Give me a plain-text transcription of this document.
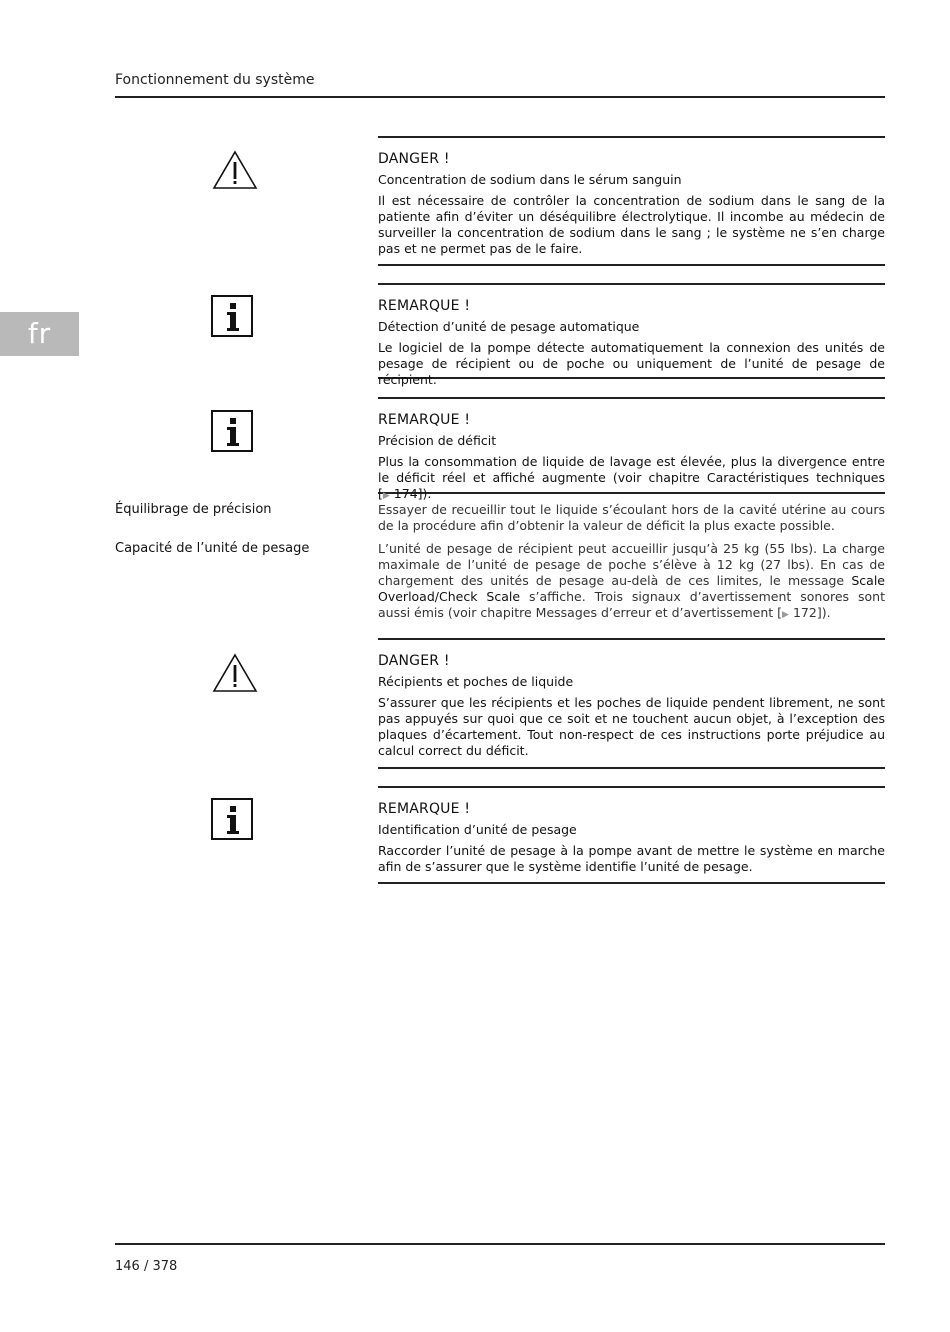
Fonctionnement du système
fr
DANGER !
Concentration de sodium dans le sérum sanguin

Il est nécessaire de contrôler la concentration de sodium dans le sang de la patiente afin d’éviter un déséquilibre électrolytique. Il incombe au médecin de surveiller la concentration de sodium dans le sang ; le système ne s’en charge pas et ne permet pas de le faire.

REMARQUE !
Détection d’unité de pesage automatique

Le logiciel de la pompe détecte automatiquement la connexion des unités de pesage de récipient ou de poche ou uniquement de l’unité de pesage de récipient.

REMARQUE !
Précision de déficit

Plus la consommation de liquide de lavage est élevée, plus la divergence entre le déficit réel et affiché augmente (voir chapitre Caractéristiques techniques [▶ 174]).

Équilibrage de précision	Essayer de recueillir tout le liquide s’écoulant hors de la cavité utérine au cours de la procédure afin d’obtenir la valeur de déficit la plus exacte possible.

Capacité de l’unité de pesage	L’unité de pesage de récipient peut accueillir jusqu’à 25 kg (55 lbs). La charge maximale de l’unité de pesage de poche s’élève à 12 kg (27 lbs). En cas de chargement des unités de pesage au-delà de ces limites, le message Scale Overload/Check Scale s’affiche. Trois signaux d’avertissement sonores sont aussi émis (voir chapitre Messages d’erreur et d’avertissement [▶ 172]).

DANGER !
Récipients et poches de liquide

S’assurer que les récipients et les poches de liquide pendent librement, ne sont pas appuyés sur quoi que ce soit et ne touchent aucun objet, à l’exception des plaques d’écartement. Tout non-respect de ces instructions porte préjudice au calcul correct du déficit.

REMARQUE !
Identification d’unité de pesage

Raccorder l’unité de pesage à la pompe avant de mettre le système en marche afin de s’assurer que le système identifie l’unité de pesage.

146 / 378
